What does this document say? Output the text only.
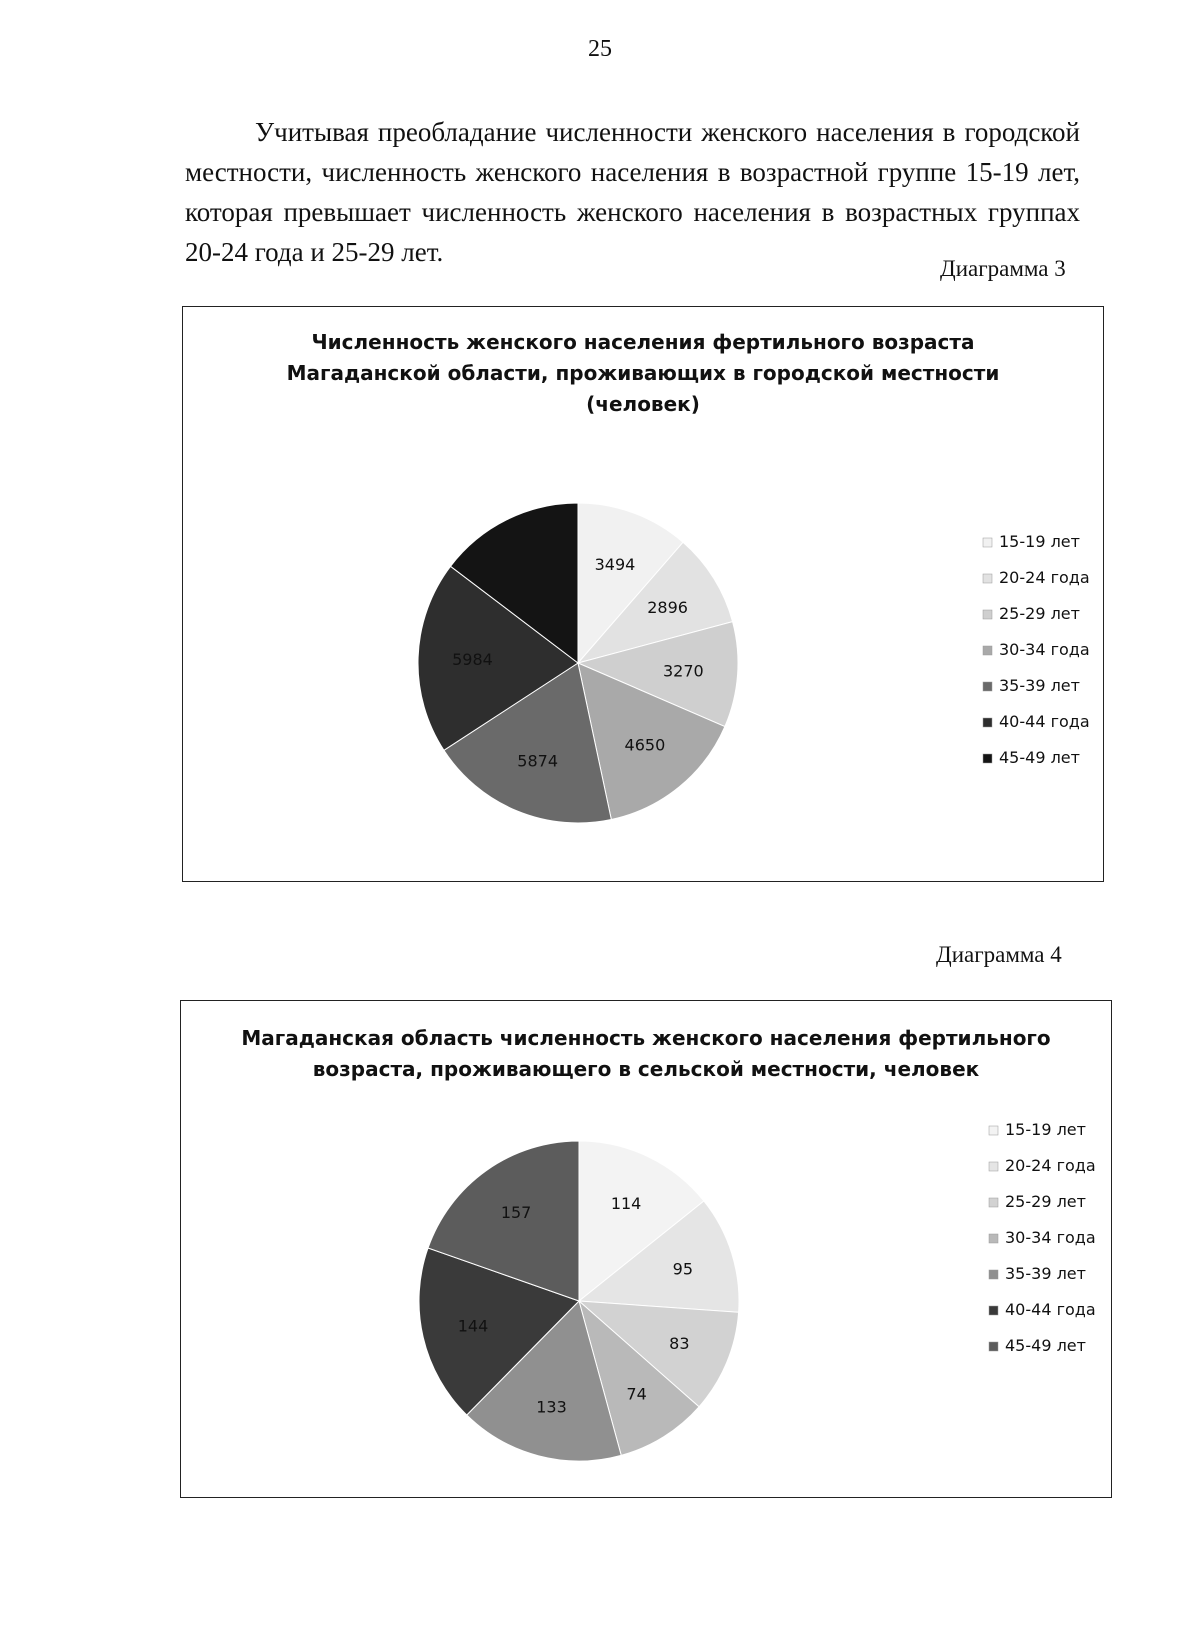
25

Учитывая преобладание численности женского населения в городской местности, численность женского населения в возрастной группе 15-19 лет, которая превышает численность женского населения в возрастных группах 20-24 года и 25-29 лет.

Диаграмма 3
Численность женского населения фертильного возраста
Магаданской области, проживающих в городской местности
(человек)
3494
2896
3270
4650
5874
5984
15-19 лет
20-24 года
25-29 лет
30-34 года
35-39 лет
40-44 года
45-49 лет
Диаграмма 4
Магаданская область численность женского населения фертильного
возраста, проживающего в сельской местности, человек
114
95
83
74
133
144
157
15-19 лет
20-24 года
25-29 лет
30-34 года
35-39 лет
40-44 года
45-49 лет
